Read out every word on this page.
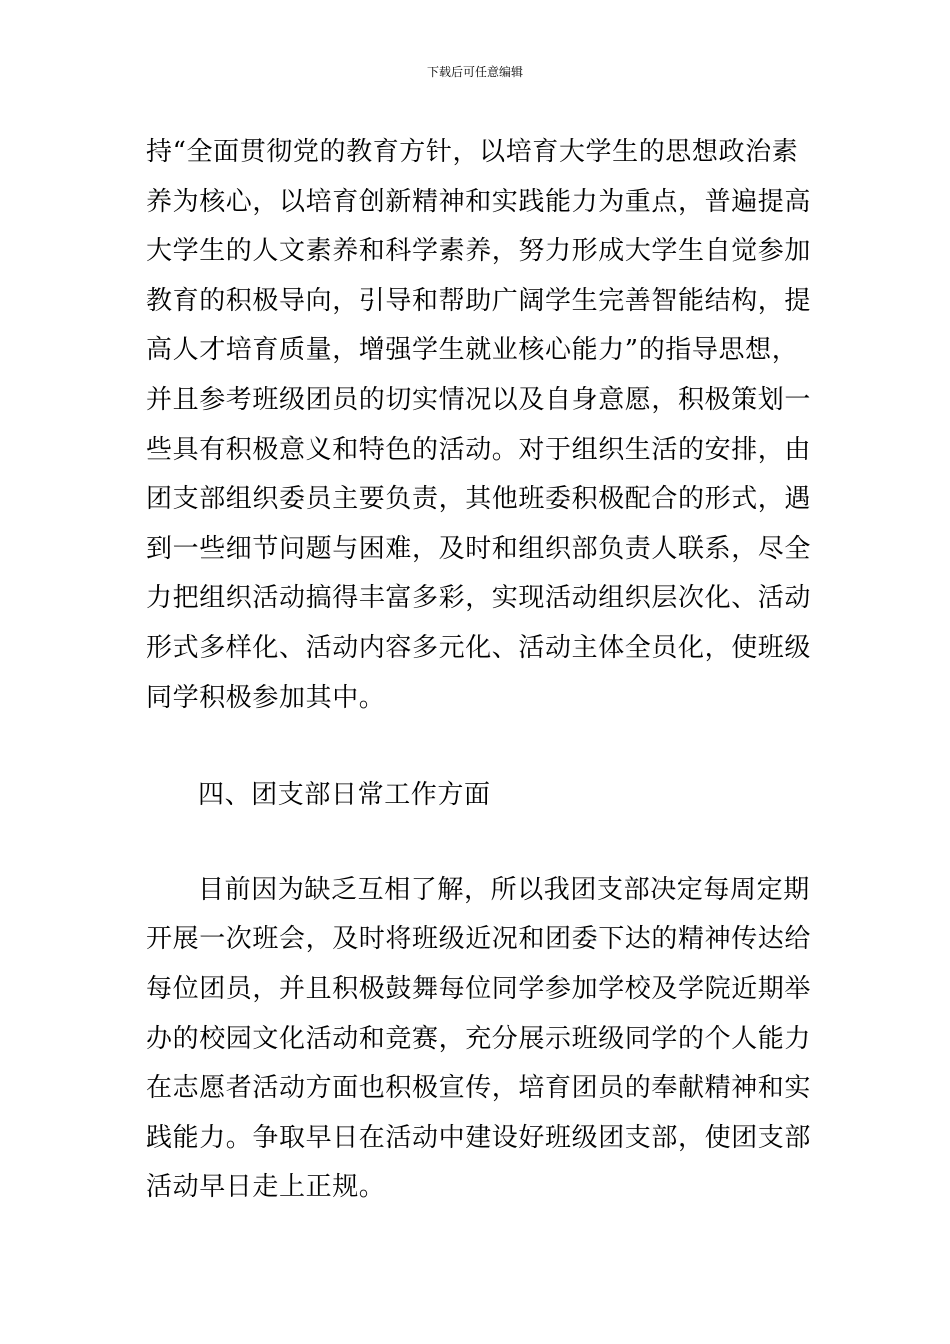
下载后可任意编辑
持“全面贯彻党的教育方针，以培育大学生的思想政治素
养为核心，以培育创新精神和实践能力为重点，普遍提高
大学生的人文素养和科学素养，努力形成大学生自觉参加
教育的积极导向，引导和帮助广阔学生完善智能结构，提
高人才培育质量，增强学生就业核心能力”的指导思想，
并且参考班级团员的切实情况以及自身意愿，积极策划一
些具有积极意义和特色的活动。对于组织生活的安排，由
团支部组织委员主要负责，其他班委积极配合的形式，遇
到一些细节问题与困难，及时和组织部负责人联系，尽全
力把组织活动搞得丰富多彩，实现活动组织层次化、活动
形式多样化、活动内容多元化、活动主体全员化，使班级
同学积极参加其中。
四、团支部日常工作方面
目前因为缺乏互相了解，所以我团支部决定每周定期
开展一次班会，及时将班级近况和团委下达的精神传达给
每位团员，并且积极鼓舞每位同学参加学校及学院近期举
办的校园文化活动和竞赛，充分展示班级同学的个人能力
在志愿者活动方面也积极宣传，培育团员的奉献精神和实
践能力。争取早日在活动中建设好班级团支部，使团支部
活动早日走上正规。
